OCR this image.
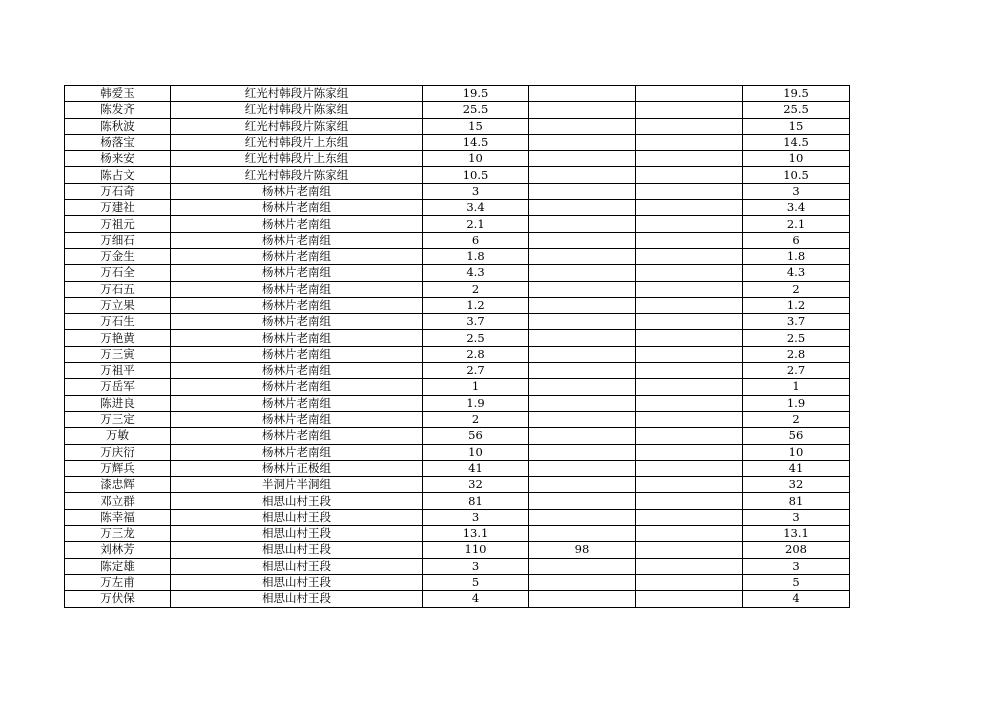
韩爱玉	红光村韩段片陈家组	19.5			19.5
陈发齐	红光村韩段片陈家组	25.5			25.5
陈秋波	红光村韩段片陈家组	15			15
杨落宝	红光村韩段片上东组	14.5			14.5
杨来安	红光村韩段片上东组	10			10
陈占文	红光村韩段片陈家组	10.5			10.5
万石奇	杨林片老南组	3			3
万建社	杨林片老南组	3.4			3.4
万祖元	杨林片老南组	2.1			2.1
万细石	杨林片老南组	6			6
万金生	杨林片老南组	1.8			1.8
万石全	杨林片老南组	4.3			4.3
万石五	杨林片老南组	2			2
万立果	杨林片老南组	1.2			1.2
万石生	杨林片老南组	3.7			3.7
万艳黄	杨林片老南组	2.5			2.5
万三寅	杨林片老南组	2.8			2.8
万祖平	杨林片老南组	2.7			2.7
万岳军	杨林片老南组	1			1
陈进良	杨林片老南组	1.9			1.9
万三定	杨林片老南组	2			2
万敏	杨林片老南组	56			56
万庆衍	杨林片老南组	10			10
万辉兵	杨林片正极组	41			41
漆忠辉	半洞片半洞组	32			32
邓立群	相思山村王段	81			81
陈幸福	相思山村王段	3			3
万三龙	相思山村王段	13.1			13.1
刘林芳	相思山村王段	110	98		208
陈定雄	相思山村王段	3			3
万左甫	相思山村王段	5			5
万伏保	相思山村王段	4			4
